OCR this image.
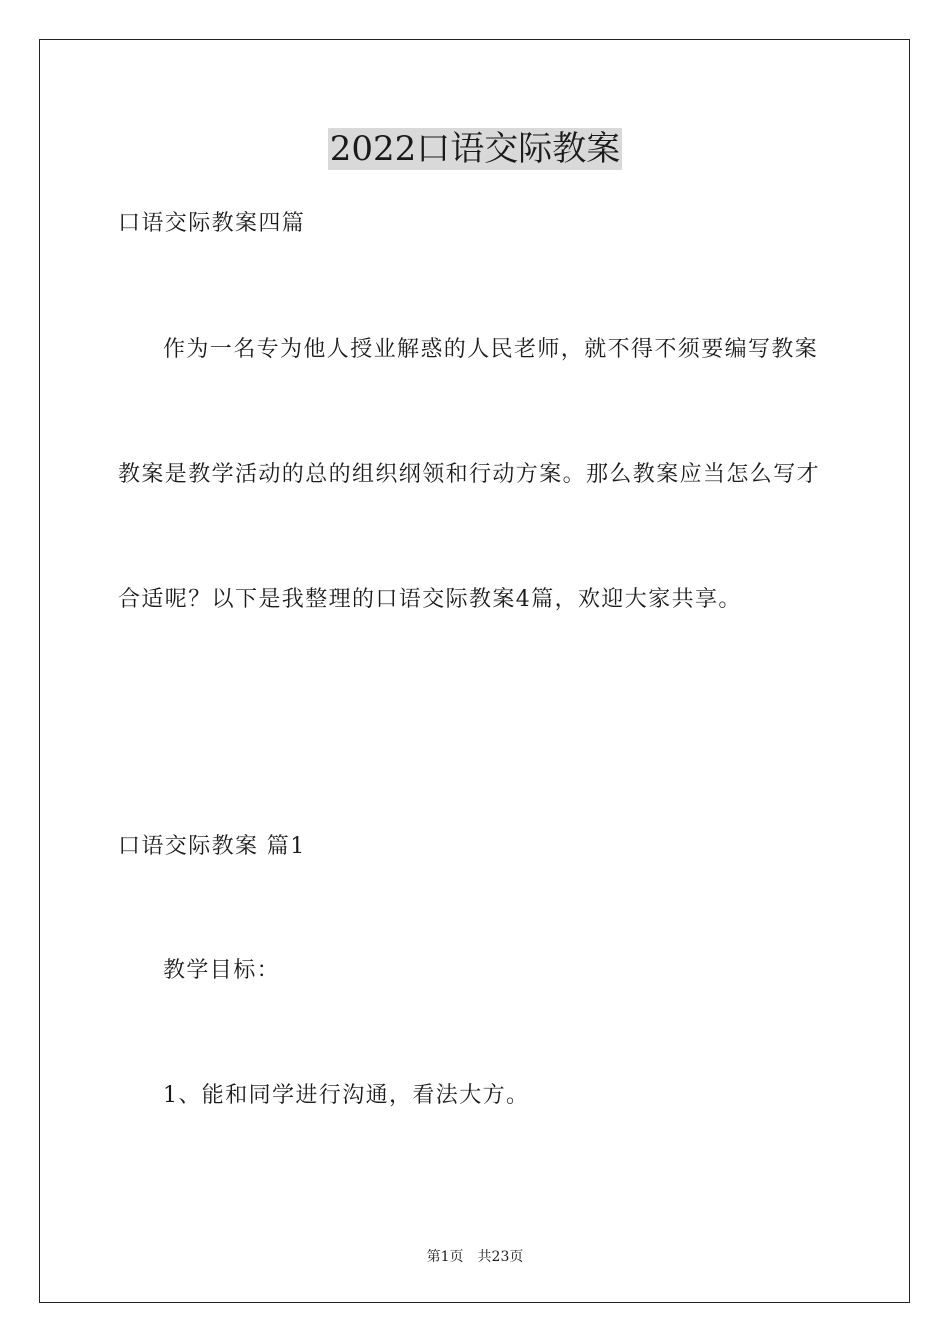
2022口语交际教案
口语交际教案四篇
作为一名专为他人授业解惑的人民老师，就不得不须要编写教案
教案是教学活动的总的组织纲领和行动方案。那么教案应当怎么写才
合适呢？以下是我整理的口语交际教案4篇，欢迎大家共享。
口语交际教案 篇1
教学目标：
1、能和同学进行沟通，看法大方。
第1页 共23页
